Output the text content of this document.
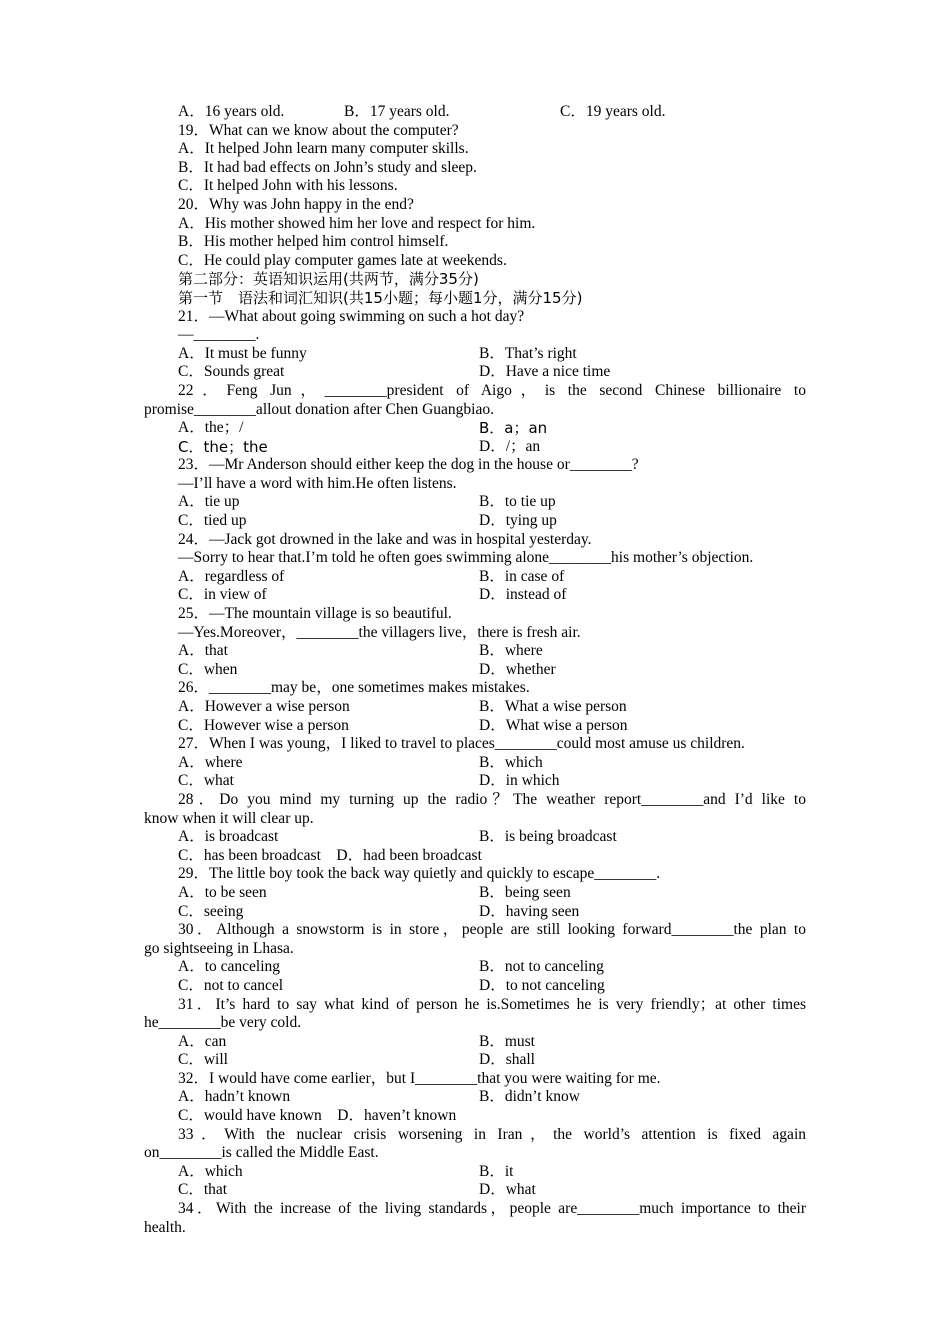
A．16 years old.	B．17 years old.	C．19 years old.
19．What can we know about the computer?
A．It helped John learn many computer skills.
B．It had bad effects on John’s study and sleep.
C．It helped John with his lessons.
20．Why was John happy in the end?
A．His mother showed him her love and respect for him.
B．His mother helped him control himself.
C．He could play computer games late at weekends.
第二部分：英语知识运用(共两节，满分35分)
第一节　语法和词汇知识(共15小题；每小题1分，满分15分)
21．—What about going swimming on such a hot day?
—________.
A．It must be funny	B．That’s right
C．Sounds great	D．Have a nice time
22．Feng Jun，________president of Aigo，is the second Chinese billionaire to
promise________allout donation after Chen Guangbiao.
A．the；/	B．a；an
C．the；the	D．/；an
23．—Mr Anderson should either keep the dog in the house or________?
—I’ll have a word with him.He often listens.
A．tie up	B．to tie up
C．tied up	D．tying up
24．—Jack got drowned in the lake and was in hospital yesterday.
—Sorry to hear that.I’m told he often goes swimming alone________his mother’s objection.
A．regardless of	B．in case of
C．in view of	D．instead of
25．—The mountain village is so beautiful.
—Yes.Moreover，________the villagers live，there is fresh air.
A．that	B．where
C．when	D．whether
26．________may be，one sometimes makes mistakes.
A．However a wise person	B．What a wise person
C．However wise a person	D．What wise a person
27．When I was young，I liked to travel to places________could most amuse us children.
A．where	B．which
C．what	D．in which
28．Do you mind my turning up the radio？The weather report________and I’d like to
know when it will clear up.
A．is broadcast	B．is being broadcast
C．has been broadcast　D．had been broadcast
29．The little boy took the back way quietly and quickly to escape________.
A．to be seen	B．being seen
C．seeing	D．having seen
30．Although a snowstorm is in store，people are still looking forward________the plan to
go sightseeing in Lhasa.
A．to canceling	B．not to canceling
C．not to cancel	D．to not canceling
31．It’s hard to say what kind of person he is.Sometimes he is very friendly；at other times
he________be very cold.
A．can	B．must
C．will	D．shall
32．I would have come earlier，but I________that you were waiting for me.
A．hadn’t known	B．didn’t know
C．would have known　D．haven’t known
33．With the nuclear crisis worsening in Iran，the world’s attention is fixed again
on________is called the Middle East.
A．which	B．it
C．that	D．what
34．With the increase of the living standards，people are________much importance to their
health.
